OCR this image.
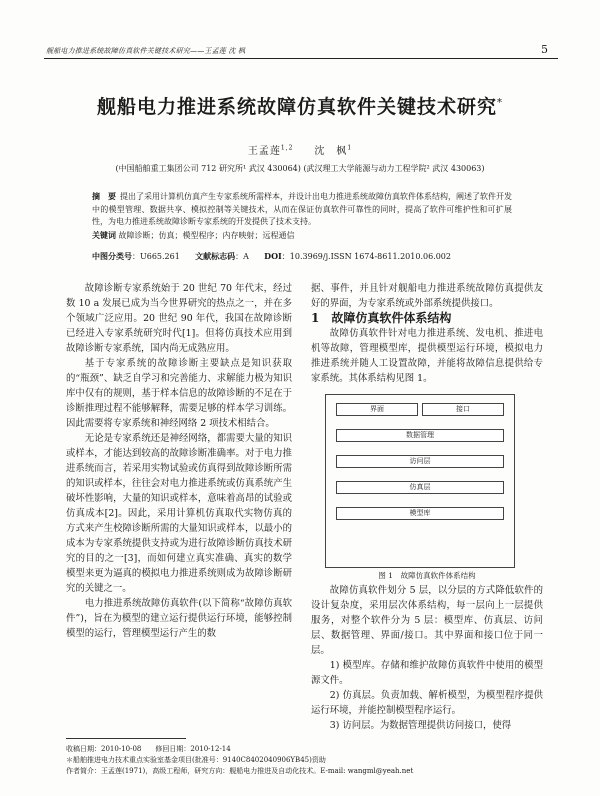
舰船电力推进系统故障仿真软件关键技术研究——王孟莲 沈 枫	5
舰船电力推进系统故障仿真软件关键技术研究*
王孟莲$^{1,2}$ 沈　枫$^1$
(中国船舶重工集团公司 712 研究所¹ 武汉 430064) (武汉理工大学能源与动力工程学院² 武汉 430063)
摘　要 提出了采用计算机仿真产生专家系统所需样本，并设计出电力推进系统故障仿真软件体系结构，阐述了软件开发中的模型管理、数据共享、模拟控制等关键技术，从而在保证仿真软件可靠性的同时，提高了软件可维护性和可扩展性，为电力推进系统故障诊断专家系统的开发提供了技术支持。
关键词 故障诊断；仿真；模型程序；内存映射；远程通信
中图分类号：U665.261 文献标志码：A DOI：10.3969/j.ISSN 1674-8611.2010.06.002

故障诊断专家系统始于 20 世纪 70 年代末，经过数 10 a 发展已成为当今世界研究的热点之一，并在多个领域广泛应用。20 世纪 90 年代，我国在故障诊断已经进入专家系统研究时代[1]。但将仿真技术应用到故障诊断专家系统，国内尚无成熟应用。

基于专家系统的故障诊断主要缺点是知识获取的“瓶颈”、缺乏自学习和完善能力、求解能力极为知识库中仅有的规则，基于样本信息的故障诊断的不足在于诊断推理过程不能够解释，需要足够的样本学习训练。因此需要将专家系统和神经网络 2 项技术相结合。

无论是专家系统还是神经网络，都需要大量的知识或样本，才能达到较高的故障诊断准确率。对于电力推进系统而言，若采用实物试验或仿真得到故障诊断所需的知识或样本，往往会对电力推进系统或仿真系统产生破坏性影响，大量的知识或样本，意味着高昂的试验或仿真成本[2]。因此，采用计算机仿真取代实物仿真的方式来产生校障诊断所需的大量知识或样本，以最小的成本为专家系统提供支持或为进行故障诊断仿真技术研究的目的之一[3]，而如何建立真实准确、真实的数学模型来更为逼真的模拟电力推进系统则成为故障诊断研究的关键之一。

电力推进系统故障仿真软件(以下简称“故障仿真软件”)，旨在为模型的建立运行提供运行环境，能够控制模型的运行，管理模型运行产生的数

据、事件，并且针对舰船电力推进系统故障仿真提供友好的界面，为专家系统或外部系统提供接口。

1　故障仿真软件体系结构

故障仿真软件针对电力推进系统、发电机、推进电机等故障，管理模型库，提供模型运行环境，模拟电力推进系统并随人工设置故障，并能将故障信息提供给专家系统。其体系结构见图 1。

界面	接口
数据管理
访问层
仿真层
模型库

图 1　故障仿真软件体系结构

故障仿真软件划分 5 层，以分层的方式降低软件的设计复杂度，采用层次体系结构，每一层向上一层提供服务，对整个软件分为 5 层：模型库、仿真层、访问层、数据管理、界面/接口。其中界面和接口位于同一层。

1) 模型库。存储和维护故障仿真软件中使用的模型源文件。

2) 仿真层。负责加载、解析模型，为模型程序提供运行环境，并能控制模型程序运行。

3) 访问层。为数据管理提供访问接口，使得

收稿日期：2010-10-08　　修回日期：2010-12-14
＊船舶推进电力技术重点实验室基金项目(批准号：9140C8402040906YB45)资助
作者简介：王孟莲(1971)，高级工程师，研究方向：舰船电力推进及自动化技术。E-mail: wangml@yeah.net
